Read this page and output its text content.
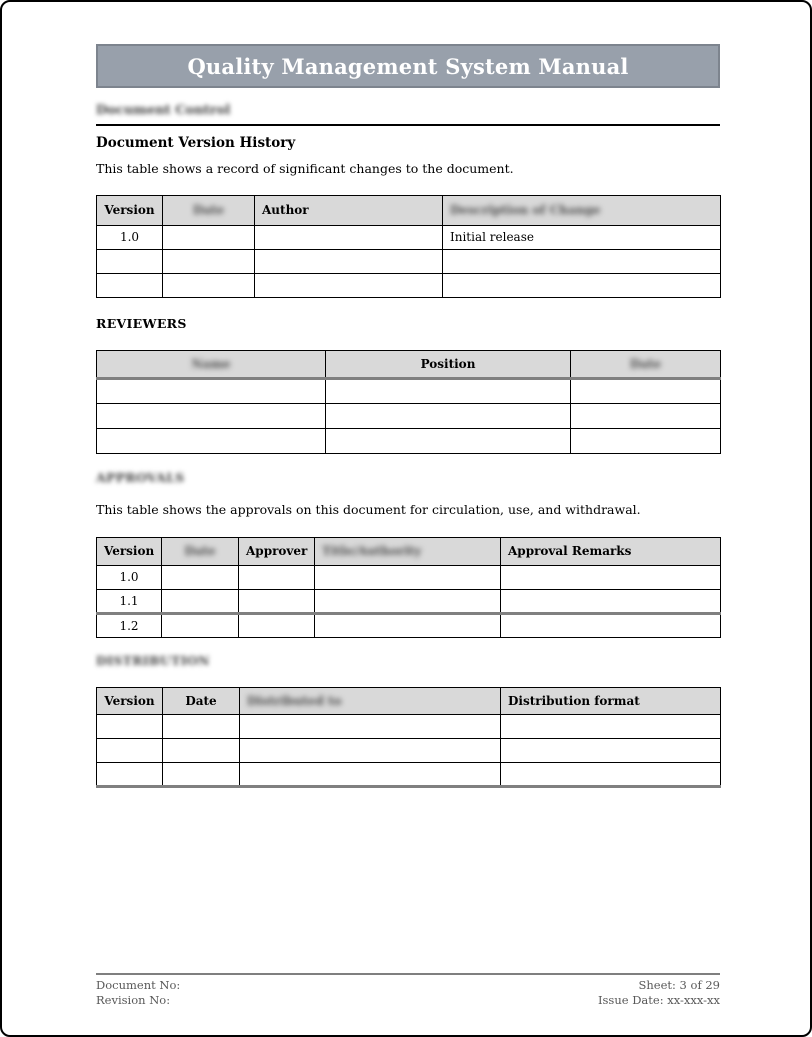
Quality Management System Manual
Document Control
Document Version History

This table shows a record of significant changes to the document.

Version	Date	Author	Description of Change
1.0			Initial release

REVIEWERS
Name	Position	Date

APPROVALS

This table shows the approvals on this document for circulation, use, and withdrawal.

Version	Date	Approver	Title/Authority	Approval Remarks
1.0				
1.1				
1.2				
DISTRIBUTION
Version	Date	Distributed to	Distribution format

Document No:
Revision No:
Sheet: 3 of 29
Issue Date: xx-xxx-xx
